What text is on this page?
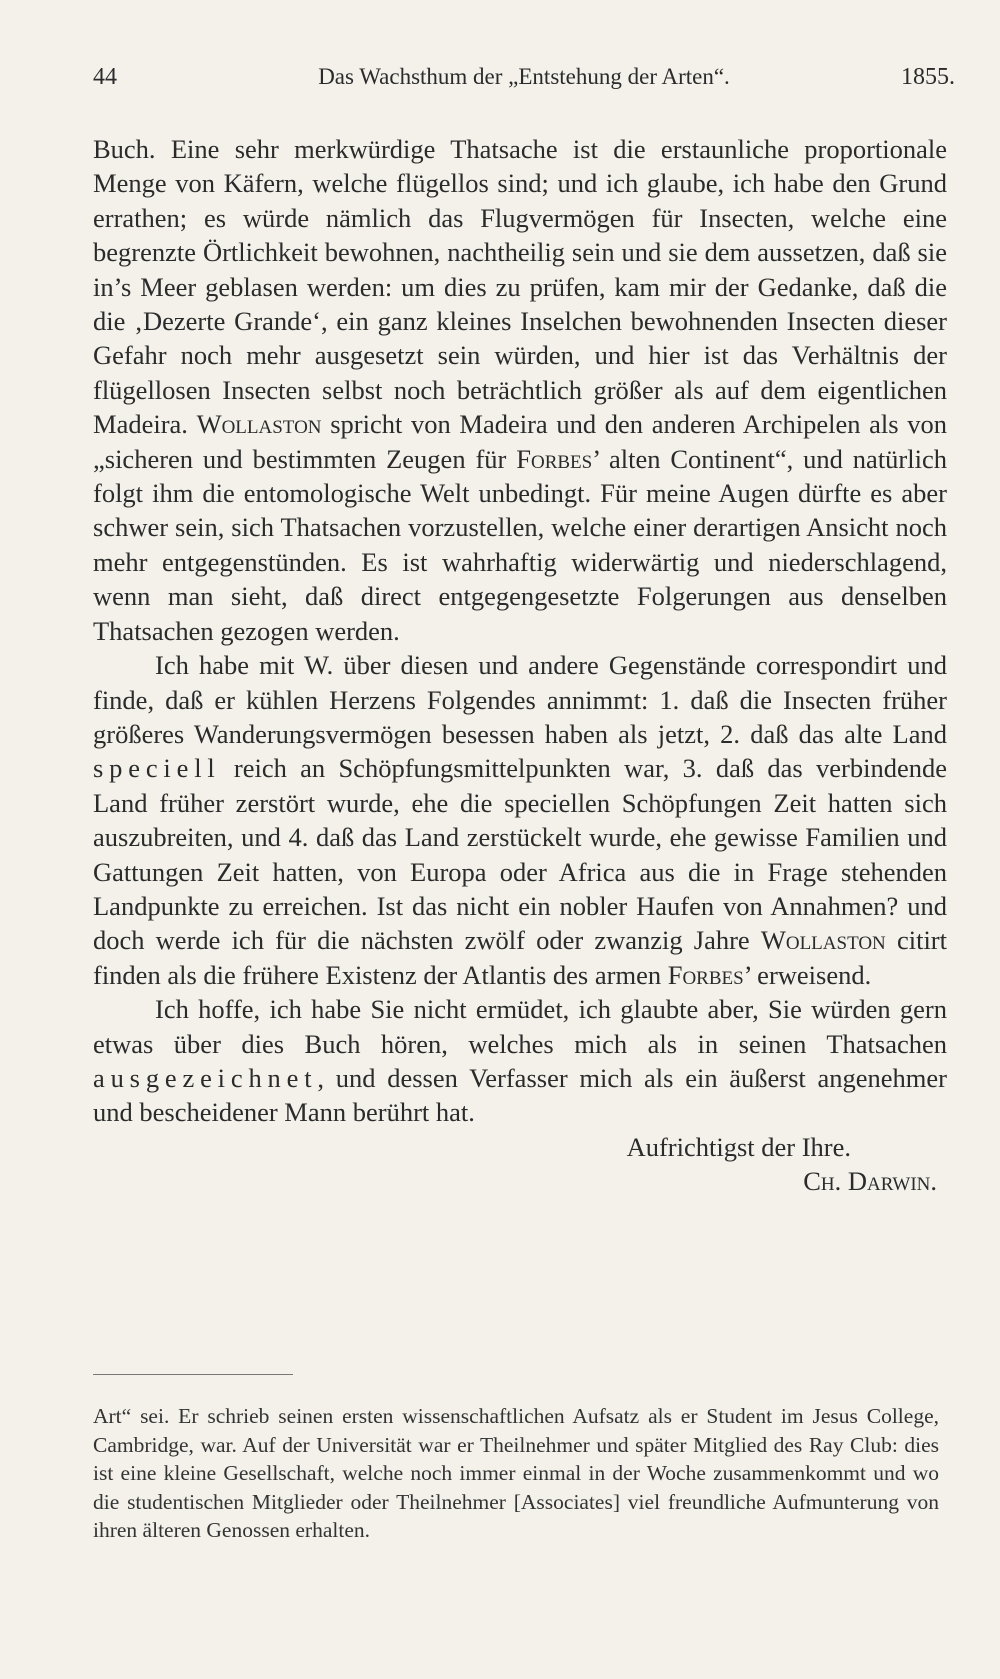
44	Das Wachsthum der „Entstehung der Arten“.	1855.

Buch. Eine sehr merkwürdige Thatsache ist die erstaunliche proportionale Menge von Käfern, welche flügellos sind; und ich glaube, ich habe den Grund errathen; es würde nämlich das Flugvermögen für Insecten, welche eine begrenzte Örtlichkeit bewohnen, nachtheilig sein und sie dem aussetzen, daß sie in’s Meer geblasen werden: um dies zu prüfen, kam mir der Gedanke, daß die die ‚Dezerte Grande‘, ein ganz kleines Inselchen bewohnenden Insecten dieser Gefahr noch mehr ausgesetzt sein würden, und hier ist das Verhältnis der flügellosen Insecten selbst noch beträchtlich größer als auf dem eigentlichen Madeira. Wollaston spricht von Madeira und den anderen Archipelen als von „sicheren und bestimmten Zeugen für Forbes’ alten Continent“, und natürlich folgt ihm die entomologische Welt unbedingt. Für meine Augen dürfte es aber schwer sein, sich Thatsachen vorzustellen, welche einer derartigen Ansicht noch mehr entgegenstünden. Es ist wahrhaftig widerwärtig und niederschlagend, wenn man sieht, daß direct entgegengesetzte Folgerungen aus denselben Thatsachen gezogen werden.

Ich habe mit W. über diesen und andere Gegenstände correspondirt und finde, daß er kühlen Herzens Folgendes annimmt: 1. daß die Insecten früher größeres Wanderungsvermögen besessen haben als jetzt, 2. daß das alte Land speciell reich an Schöpfungsmittelpunkten war, 3. daß das verbindende Land früher zerstört wurde, ehe die speciellen Schöpfungen Zeit hatten sich auszubreiten, und 4. daß das Land zerstückelt wurde, ehe gewisse Familien und Gattungen Zeit hatten, von Europa oder Africa aus die in Frage stehenden Landpunkte zu erreichen. Ist das nicht ein nobler Haufen von Annahmen? und doch werde ich für die nächsten zwölf oder zwanzig Jahre Wollaston citirt finden als die frühere Existenz der Atlantis des armen Forbes’ erweisend.

Ich hoffe, ich habe Sie nicht ermüdet, ich glaubte aber, Sie würden gern etwas über dies Buch hören, welches mich als in seinen Thatsachen ausgezeichnet, und dessen Verfasser mich als ein äußerst angenehmer und bescheidener Mann berührt hat.

Aufrichtigst der Ihre.

Ch. Darwin.

Art“ sei. Er schrieb seinen ersten wissenschaftlichen Aufsatz als er Student im Jesus College, Cambridge, war. Auf der Universität war er Theilnehmer und später Mitglied des Ray Club: dies ist eine kleine Gesellschaft, welche noch immer einmal in der Woche zusammenkommt und wo die studentischen Mitglieder oder Theilnehmer [Associates] viel freundliche Aufmunterung von ihren älteren Genossen erhalten.
